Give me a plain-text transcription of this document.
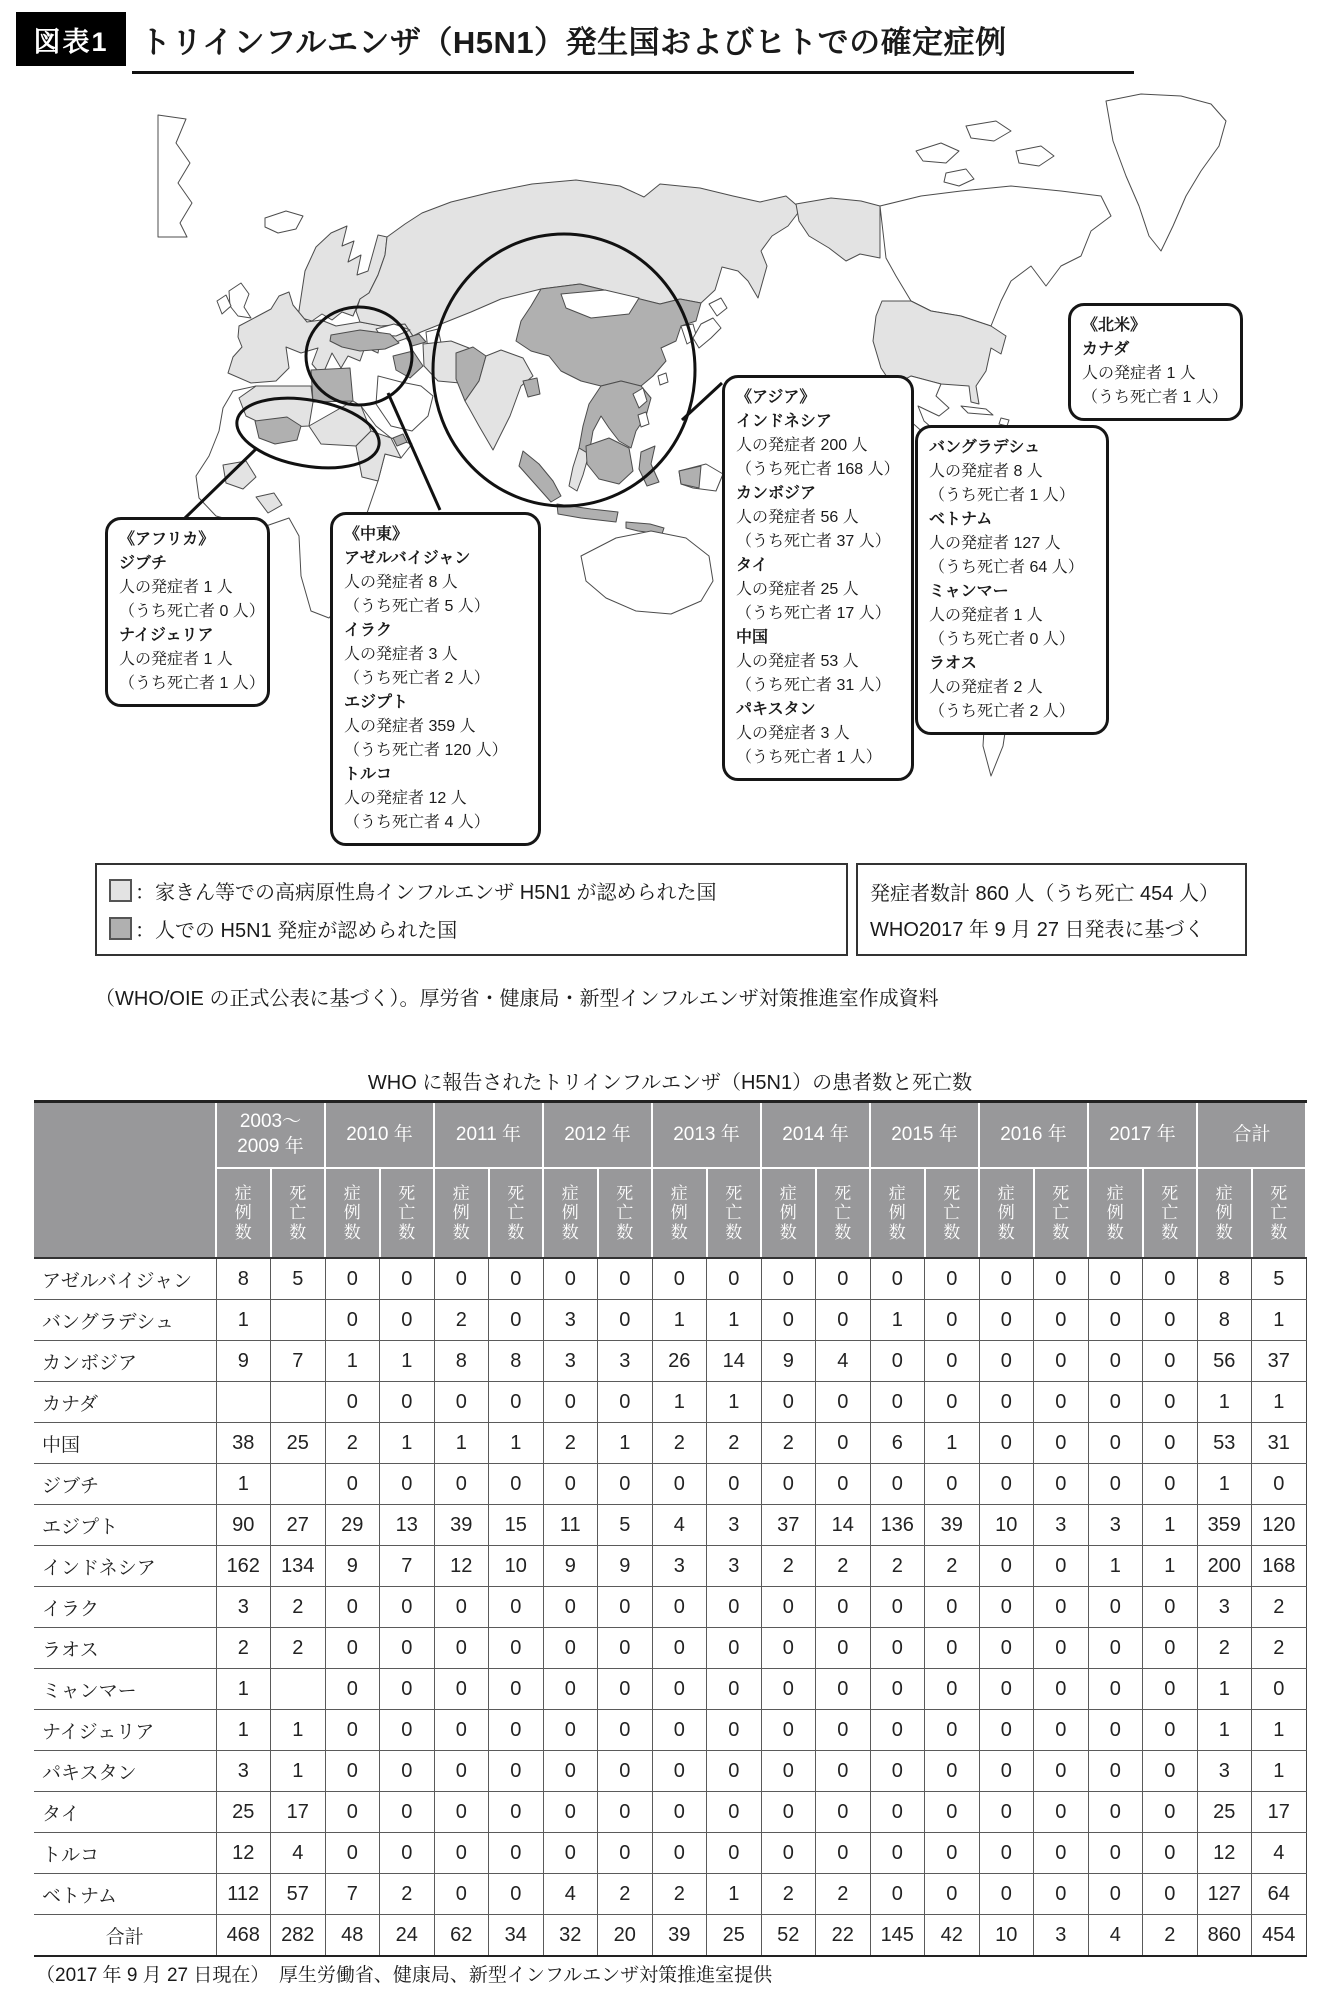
図表1	トリインフルエンザ（H5N1）発生国およびヒトでの確定症例
《アフリカ》
ジブチ
人の発症者 1 人
（うち死亡者 0 人）
ナイジェリア
人の発症者 1 人
（うち死亡者 1 人）
《中東》
アゼルバイジャン
人の発症者 8 人
（うち死亡者 5 人）
イラク
人の発症者 3 人
（うち死亡者 2 人）
エジプト
人の発症者 359 人
（うち死亡者 120 人）
トルコ
人の発症者 12 人
（うち死亡者 4 人）
《アジア》
インドネシア
人の発症者 200 人
（うち死亡者 168 人）
カンボジア
人の発症者 56 人
（うち死亡者 37 人）
タイ
人の発症者 25 人
（うち死亡者 17 人）
中国
人の発症者 53 人
（うち死亡者 31 人）
パキスタン
人の発症者 3 人
（うち死亡者 1 人）
バングラデシュ
人の発症者 8 人
（うち死亡者 1 人）
ベトナム
人の発症者 127 人
（うち死亡者 64 人）
ミャンマー
人の発症者 1 人
（うち死亡者 0 人）
ラオス
人の発症者 2 人
（うち死亡者 2 人）
《北米》
カナダ
人の発症者 1 人
（うち死亡者 1 人）
：家きん等での高病原性鳥インフルエンザ H5N1 が認められた国
：人での H5N1 発症が認められた国
発症者数計 860 人（うち死亡 454 人）
WHO2017 年 9 月 27 日発表に基づく
（WHO/OIE の正式公表に基づく）。厚労省・健康局・新型インフルエンザ対策推進室作成資料
WHO に報告されたトリインフルエンザ（H5N1）の患者数と死亡数
	2003～
2009 年		2010 年		2011 年		2012 年		2013 年		2014 年		2015 年		2016 年		2017 年		合計	

	症
例
数	死
亡
数	症
例
数	死
亡
数	症
例
数	死
亡
数	症
例
数	死
亡
数	症
例
数	死
亡
数	症
例
数	死
亡
数	症
例
数	死
亡
数	症
例
数	死
亡
数	症
例
数	死
亡
数	症
例
数	死
亡
数

アゼルバイジャン	8	5	0	0	0	0	0	0	0	0	0	0	0	0	0	0	0	0	8	5
バングラデシュ	1		0	0	2	0	3	0	1	1	0	0	1	0	0	0	0	0	8	1
カンボジア	9	7	1	1	8	8	3	3	26	14	9	4	0	0	0	0	0	0	56	37
カナダ			0	0	0	0	0	0	1	1	0	0	0	0	0	0	0	0	1	1
中国	38	25	2	1	1	1	2	1	2	2	2	0	6	1	0	0	0	0	53	31
ジブチ	1		0	0	0	0	0	0	0	0	0	0	0	0	0	0	0	0	1	0
エジプト	90	27	29	13	39	15	11	5	4	3	37	14	136	39	10	3	3	1	359	120
インドネシア	162	134	9	7	12	10	9	9	3	3	2	2	2	2	0	0	1	1	200	168
イラク	3	2	0	0	0	0	0	0	0	0	0	0	0	0	0	0	0	0	3	2
ラオス	2	2	0	0	0	0	0	0	0	0	0	0	0	0	0	0	0	0	2	2
ミャンマー	1		0	0	0	0	0	0	0	0	0	0	0	0	0	0	0	0	1	0
ナイジェリア	1	1	0	0	0	0	0	0	0	0	0	0	0	0	0	0	0	0	1	1
パキスタン	3	1	0	0	0	0	0	0	0	0	0	0	0	0	0	0	0	0	3	1
タイ	25	17	0	0	0	0	0	0	0	0	0	0	0	0	0	0	0	0	25	17
トルコ	12	4	0	0	0	0	0	0	0	0	0	0	0	0	0	0	0	0	12	4
ベトナム	112	57	7	2	0	0	4	2	2	1	2	2	0	0	0	0	0	0	127	64
合計	468	282	48	24	62	34	32	20	39	25	52	22	145	42	10	3	4	2	860	454
（2017 年 9 月 27 日現在）　厚生労働省、健康局、新型インフルエンザ対策推進室提供
